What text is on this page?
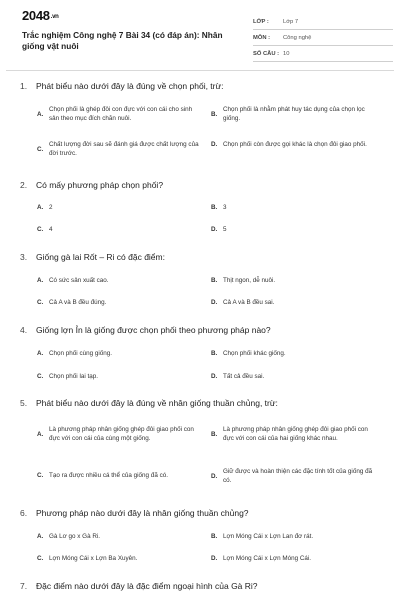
2048.vn
Trắc nghiệm Công nghệ 7 Bài 34 (có đáp án): Nhân giống vật nuôi
LỚP :	Lớp 7
MÔN :	Công nghệ
SỐ CÂU : 10
1.	Phát biểu nào dưới đây là đúng về chọn phối, trừ:
A.
Chọn phối là ghép đôi con đực với con cái cho sinh sản theo mục đích chăn nuôi.
B.
Chọn phối là nhằm phát huy tác dụng của chọn lọc giống.
C.
Chất lượng đời sau sẽ đánh giá được chất lượng của đời trước.
D. Chọn phối còn được gọi khác là chọn đôi giao phối.
2.	Có mấy phương pháp chọn phối?
A. 2	B. 3
C. 4	D. 5
3.	Giống gà lai Rốt – Ri có đặc điểm:
A. Có sức sản xuất cao.	B. Thịt ngon, dễ nuôi.
C. Cả A và B đều đúng.	D. Cả A và B đều sai.
4.	Giống lợn Ỉn là giống được chọn phối theo phương pháp nào?
A. Chọn phối cùng giống.	B. Chọn phối khác giống.
C. Chọn phối lai tạp.	D. Tất cả đều sai.
5.	Phát biểu nào dưới đây là đúng về nhân giống thuần chủng, trừ:
A.
Là phương pháp nhân giống ghép đôi giao phối con đực với con cái của cùng một giống.
B.
Là phương pháp nhân giống ghép đôi giao phối con đực với con cái của hai giống khác nhau.
C. Tạo ra được nhiều cá thể của giống đã có.	D.
Giữ được và hoàn thiện các đặc tính tốt của giống đã có.
6.	Phương pháp nào dưới đây là nhân giống thuần chủng?
A. Gà Lơ go x Gà Ri.	B. Lợn Móng Cái x Lợn Lan đơ rát.
C. Lợn Móng Cái x Lợn Ba Xuyên.	D. Lợn Móng Cái x Lợn Móng Cái.
7.	Đặc điểm nào dưới đây là đặc điểm ngoại hình của Gà Ri?
